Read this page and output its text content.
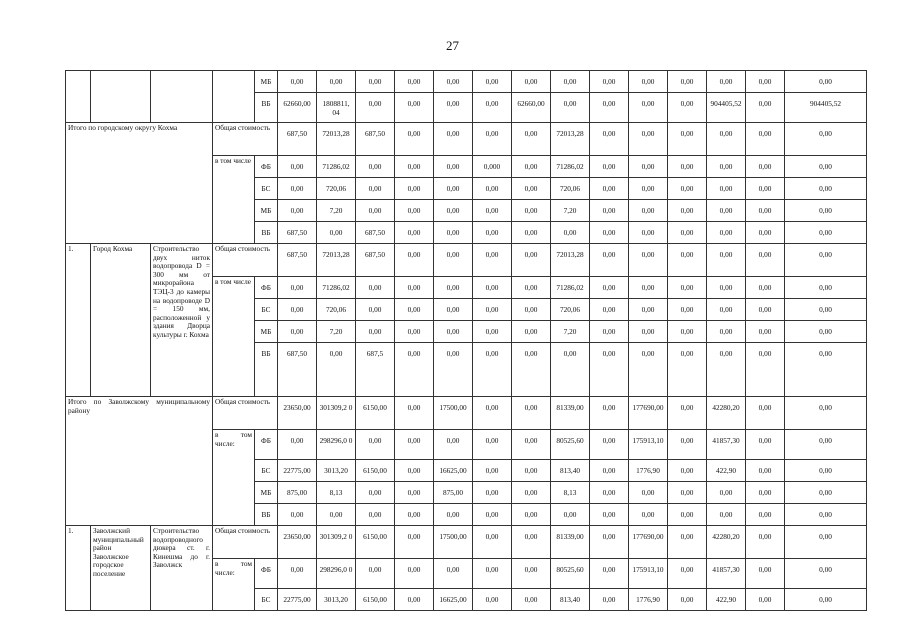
27
				МБ	0,00	0,00	0,00	0,00	0,00	0,00	0,00	0,00	0,00	0,00	0,00	0,00	0,00	0,00
				ВБ	62660,00	1808811, 04	0,00	0,00	0,00	0,00	62660,00	0,00	0,00	0,00	0,00	904405,52	0,00	904405,52
Итого по городскому округу Кохма			Общая стоимость		687,50	72013,28	687,50	0,00	0,00	0,00	0,00	72013,28	0,00	0,00	0,00	0,00	0,00	0,00
			в том числе	ФБ	0,00	71286,02	0,00	0,00	0,00	0,000	0,00	71286,02	0,00	0,00	0,00	0,00	0,00	0,00
				БС	0,00	720,06	0,00	0,00	0,00	0,00	0,00	720,06	0,00	0,00	0,00	0,00	0,00	0,00
				МБ	0,00	7,20	0,00	0,00	0,00	0,00	0,00	7,20	0,00	0,00	0,00	0,00	0,00	0,00
				ВБ	687,50	0,00	687,50	0,00	0,00	0,00	0,00	0,00	0,00	0,00	0,00	0,00	0,00	0,00
1.	Город Кохма	Строительство двух ниток водопровода D = 300 мм от микрорайона ТЭЦ-3 до камеры на водопроводе D = 150 мм, расположенной у здания Дворца культуры г. Кохма	Общая стоимость		687,50	72013,28	687,50	0,00	0,00	0,00	0,00	72013,28	0,00	0,00	0,00	0,00	0,00	0,00
			в том числе	ФБ	0,00	71286,02	0,00	0,00	0,00	0,00	0,00	71286,02	0,00	0,00	0,00	0,00	0,00	0,00
				БС	0,00	720,06	0,00	0,00	0,00	0,00	0,00	720,06	0,00	0,00	0,00	0,00	0,00	0,00
				МБ	0,00	7,20	0,00	0,00	0,00	0,00	0,00	7,20	0,00	0,00	0,00	0,00	0,00	0,00
				ВБ	687,50	0,00	687,5	0,00	0,00	0,00	0,00	0,00	0,00	0,00	0,00	0,00	0,00	0,00
Итого по Заволжскому муниципальному району			Общая стоимость		23650,00	301309,2 0	6150,00	0,00	17500,00	0,00	0,00	81339,00	0,00	177690,00	0,00	42280,20	0,00	0,00
			в том числе:	ФБ	0,00	298296,0 0	0,00	0,00	0,00	0,00	0,00	80525,60	0,00	175913,10	0,00	41857,30	0,00	0,00
				БС	22775,00	3013,20	6150,00	0,00	16625,00	0,00	0,00	813,40	0,00	1776,90	0,00	422,90	0,00	0,00
				МБ	875,00	8,13	0,00	0,00	875,00	0,00	0,00	8,13	0,00	0,00	0,00	0,00	0,00	0,00
				ВБ	0,00	0,00	0,00	0,00	0,00	0,00	0,00	0,00	0,00	0,00	0,00	0,00	0,00	0,00
1.	Заволжский муниципальный район Заволжское городское поселение	Строительство водопроводного дюкера ст. г. Кинешма до г. Заволжск	Общая стоимость		23650,00	301309,2 0	6150,00	0,00	17500,00	0,00	0,00	81339,00	0,00	177690,00	0,00	42280,20	0,00	0,00
			в том числе:	ФБ	0,00	298296,0 0	0,00	0,00	0,00	0,00	0,00	80525,60	0,00	175913,10	0,00	41857,30	0,00	0,00
				БС	22775,00	3013,20	6150,00	0,00	16625,00	0,00	0,00	813,40	0,00	1776,90	0,00	422,90	0,00	0,00
